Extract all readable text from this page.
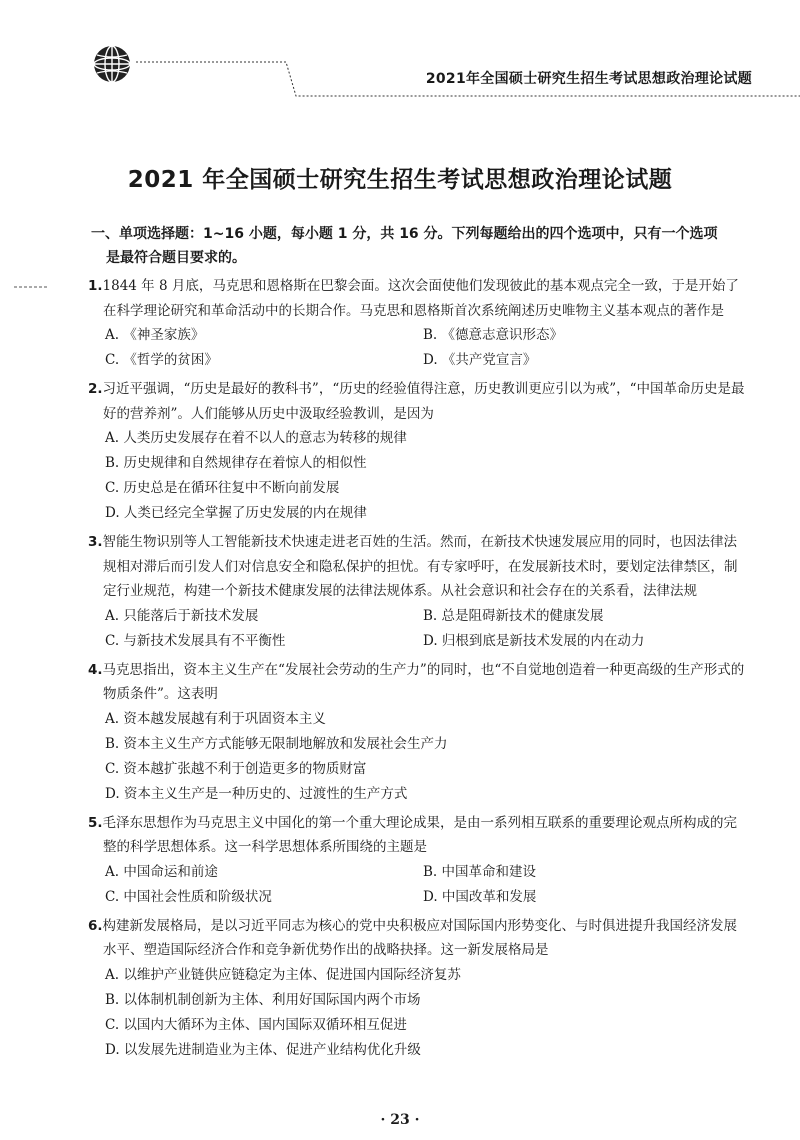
2021年全国硕士研究生招生考试思想政治理论试题
2021 年全国硕士研究生招生考试思想政治理论试题
一、单项选择题：1~16 小题，每小题 1 分，共 16 分。下列每题给出的四个选项中，只有一个选项
是最符合题目要求的。
1.1844 年 8 月底，马克思和恩格斯在巴黎会面。这次会面使他们发现彼此的基本观点完全一致，于是开始了在科学理论研究和革命活动中的长期合作。马克思和恩格斯首次系统阐述历史唯物主义基本观点的著作是
A. 《神圣家族》	B. 《德意志意识形态》
C. 《哲学的贫困》	D. 《共产党宣言》
2.习近平强调，“历史是最好的教科书”，“历史的经验值得注意，历史教训更应引以为戒”，“中国革命历史是最好的营养剂”。人们能够从历史中汲取经验教训，是因为
A. 人类历史发展存在着不以人的意志为转移的规律
B. 历史规律和自然规律存在着惊人的相似性
C. 历史总是在循环往复中不断向前发展
D. 人类已经完全掌握了历史发展的内在规律
3.智能生物识别等人工智能新技术快速走进老百姓的生活。然而，在新技术快速发展应用的同时，也因法律法规相对滞后而引发人们对信息安全和隐私保护的担忧。有专家呼吁，在发展新技术时，要划定法律禁区，制定行业规范，构建一个新技术健康发展的法律法规体系。从社会意识和社会存在的关系看，法律法规
A. 只能落后于新技术发展	B. 总是阻碍新技术的健康发展
C. 与新技术发展具有不平衡性	D. 归根到底是新技术发展的内在动力
4.马克思指出，资本主义生产在“发展社会劳动的生产力”的同时，也“不自觉地创造着一种更高级的生产形式的物质条件”。这表明
A. 资本越发展越有利于巩固资本主义
B. 资本主义生产方式能够无限制地解放和发展社会生产力
C. 资本越扩张越不利于创造更多的物质财富
D. 资本主义生产是一种历史的、过渡性的生产方式
5.毛泽东思想作为马克思主义中国化的第一个重大理论成果，是由一系列相互联系的重要理论观点所构成的完整的科学思想体系。这一科学思想体系所围绕的主题是
A. 中国命运和前途	B. 中国革命和建设
C. 中国社会性质和阶级状况	D. 中国改革和发展
6.构建新发展格局，是以习近平同志为核心的党中央积极应对国际国内形势变化、与时俱进提升我国经济发展水平、塑造国际经济合作和竞争新优势作出的战略抉择。这一新发展格局是
A. 以维护产业链供应链稳定为主体、促进国内国际经济复苏
B. 以体制机制创新为主体、利用好国际国内两个市场
C. 以国内大循环为主体、国内国际双循环相互促进
D. 以发展先进制造业为主体、促进产业结构优化升级
· 23 ·
